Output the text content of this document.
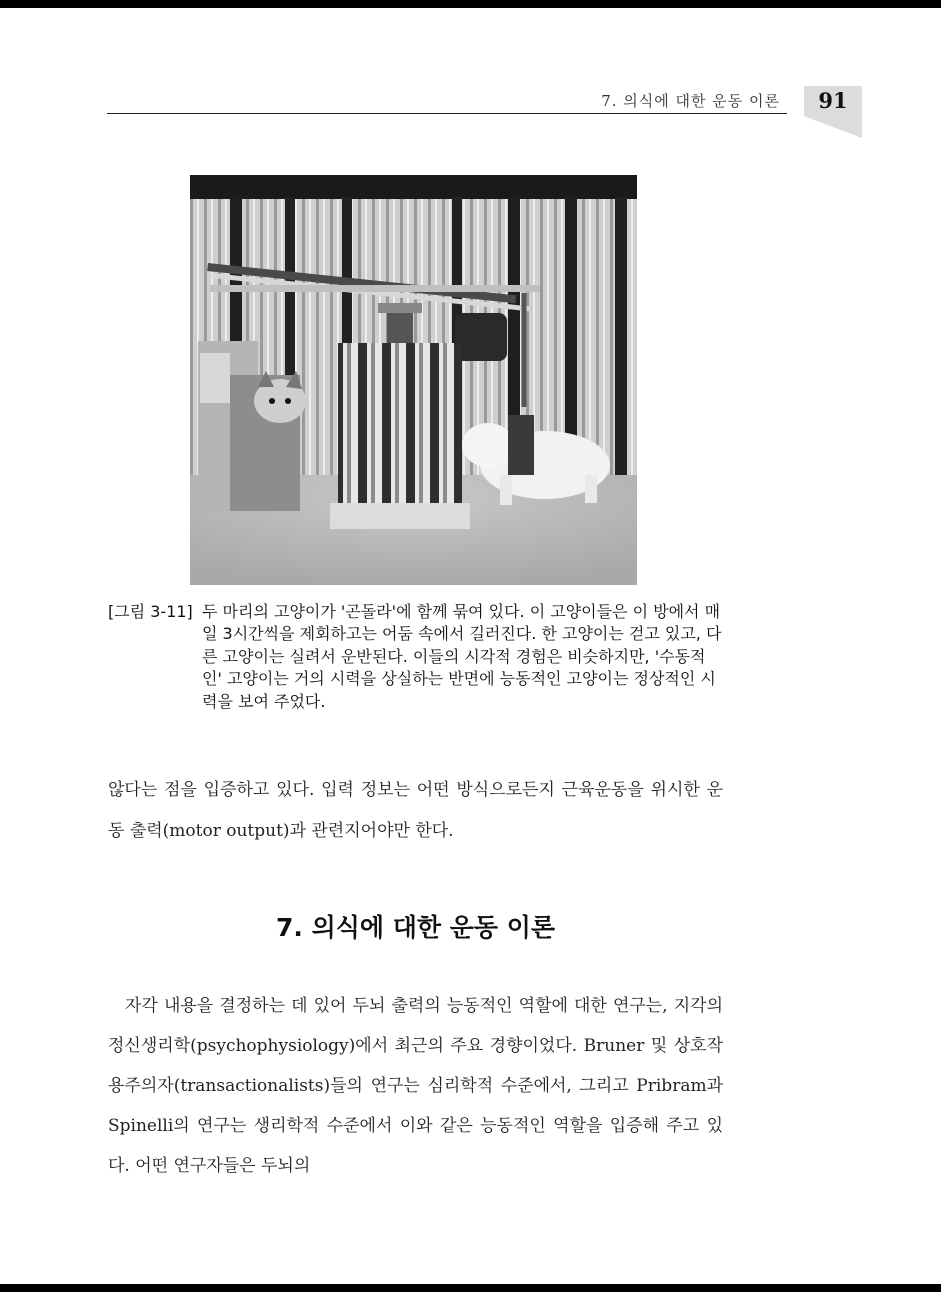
7. 의식에 대한 운동 이론	91
[그림 3-11] 두 마리의 고양이가 '곤돌라'에 함께 묶여 있다. 이 고양이들은 이 방에서 매일 3시간씩을 제회하고는 어둠 속에서 길러진다. 한 고양이는 걷고 있고, 다른 고양이는 실려서 운반된다. 이들의 시각적 경험은 비슷하지만, '수동적인' 고양이는 거의 시력을 상실하는 반면에 능동적인 고양이는 정상적인 시력을 보여 주었다.
않다는 점을 입증하고 있다. 입력 정보는 어떤 방식으로든지 근육운동을 위시한 운동 출력(motor output)과 관련지어야만 한다.
7. 의식에 대한 운동 이론
자각 내용을 결정하는 데 있어 두뇌 출력의 능동적인 역할에 대한 연구는, 지각의 정신생리학(psychophysiology)에서 최근의 주요 경향이었다. Bruner 및 상호작용주의자(transactionalists)들의 연구는 심리학적 수준에서, 그리고 Pribram과 Spinelli의 연구는 생리학적 수준에서 이와 같은 능동적인 역할을 입증해 주고 있다. 어떤 연구자들은 두뇌의
